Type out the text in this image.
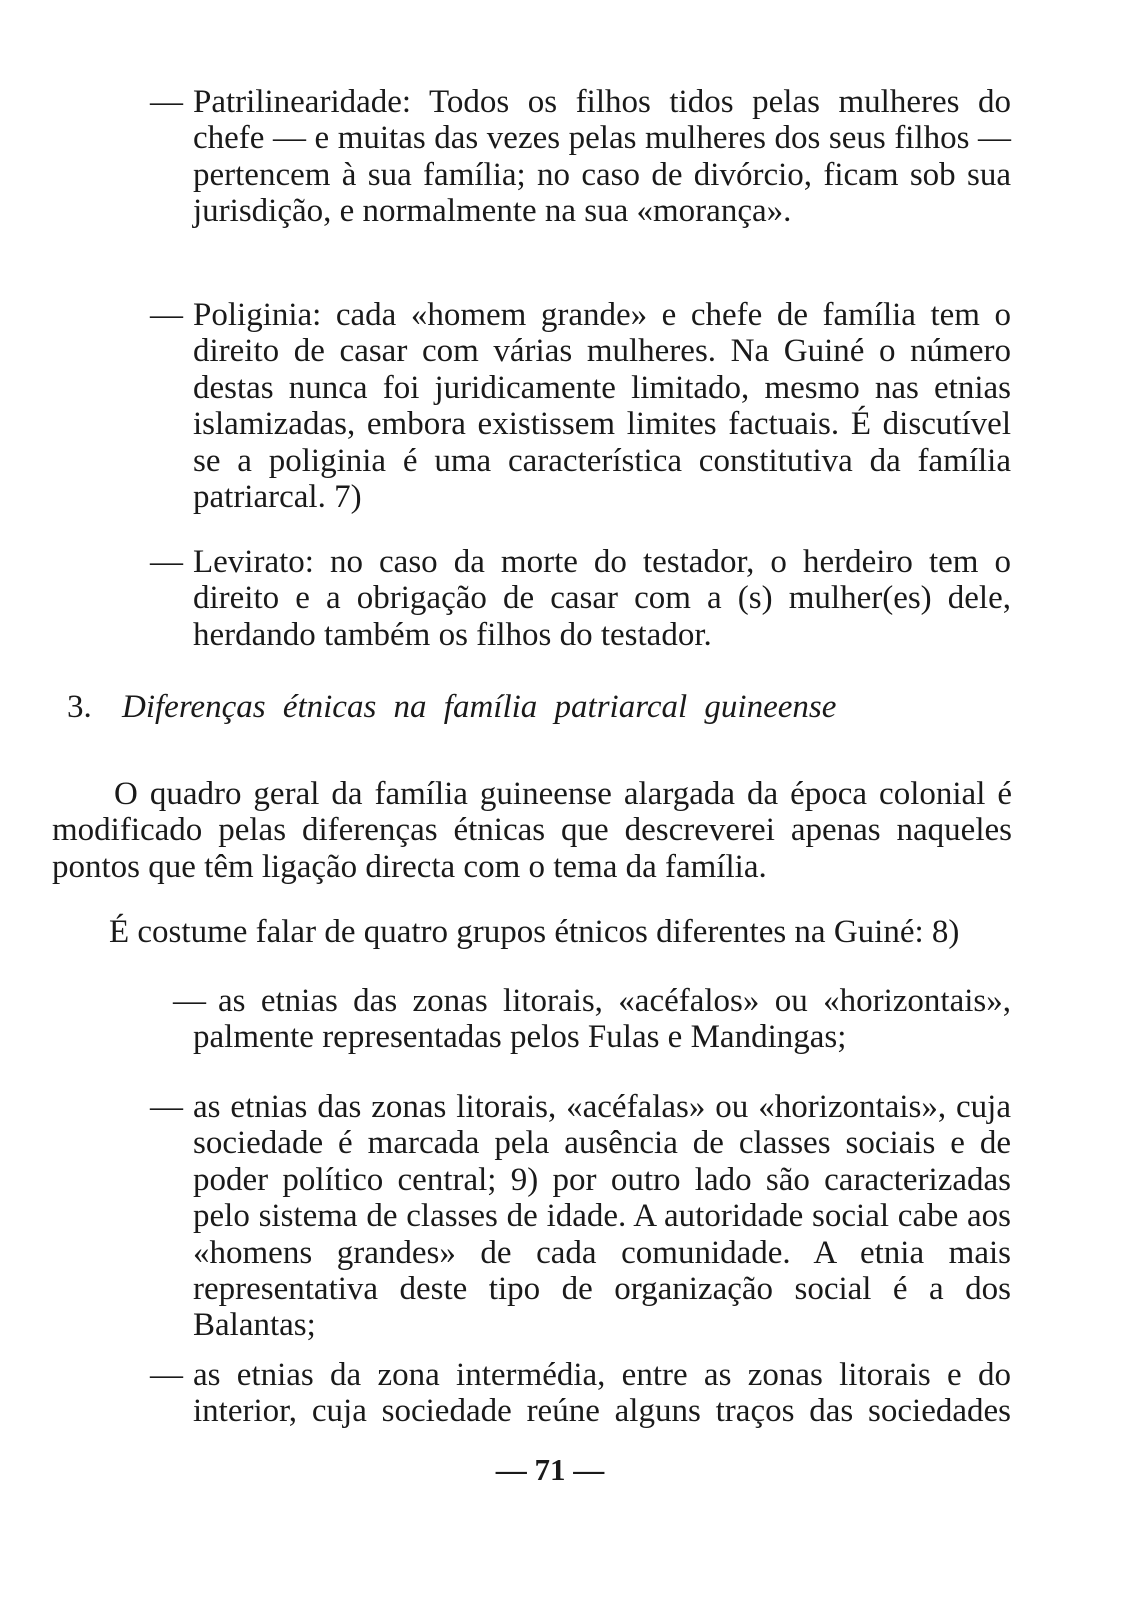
— Patrilinearidade: Todos os filhos tidos pelas mulheres do chefe — e muitas das vezes pelas mulheres dos seus filhos — pertencem à sua família; no caso de divórcio, ficam sob sua jurisdição, e normalmente na sua «morança».
— Poliginia: cada «homem grande» e chefe de família tem o direito de casar com várias mulheres. Na Guiné o número destas nunca foi juridicamente limitado, mesmo nas etnias islamizadas, embora existissem limites factuais. É discutível se a poliginia é uma característica constitutiva da família patriarcal. 7)
— Levirato: no caso da morte do testador, o herdeiro tem o direito e a obrigação de casar com a (s) mulher(es) dele, herdando também os filhos do testador.
3. Diferenças étnicas na família patriarcal guineense

O quadro geral da família guineense alargada da época colonial é modificado pelas diferenças étnicas que descreverei apenas naqueles pontos que têm ligação directa com o tema da família.

É costume falar de quatro grupos étnicos diferentes na Guiné: 8)

— as etnias das zonas litorais, «acéfalos» ou «horizontais», palmente representadas pelos Fulas e Mandingas;
— as etnias das zonas litorais, «acéfalas» ou «horizontais», cuja sociedade é marcada pela ausência de classes sociais e de poder político central; 9) por outro lado são caracterizadas pelo sistema de classes de idade. A autoridade social cabe aos «homens grandes» de cada comunidade. A etnia mais representativa deste tipo de organização social é a dos Balantas;
— as etnias da zona intermédia, entre as zonas litorais e do interior, cuja sociedade reúne alguns traços das sociedades
— 71 —
